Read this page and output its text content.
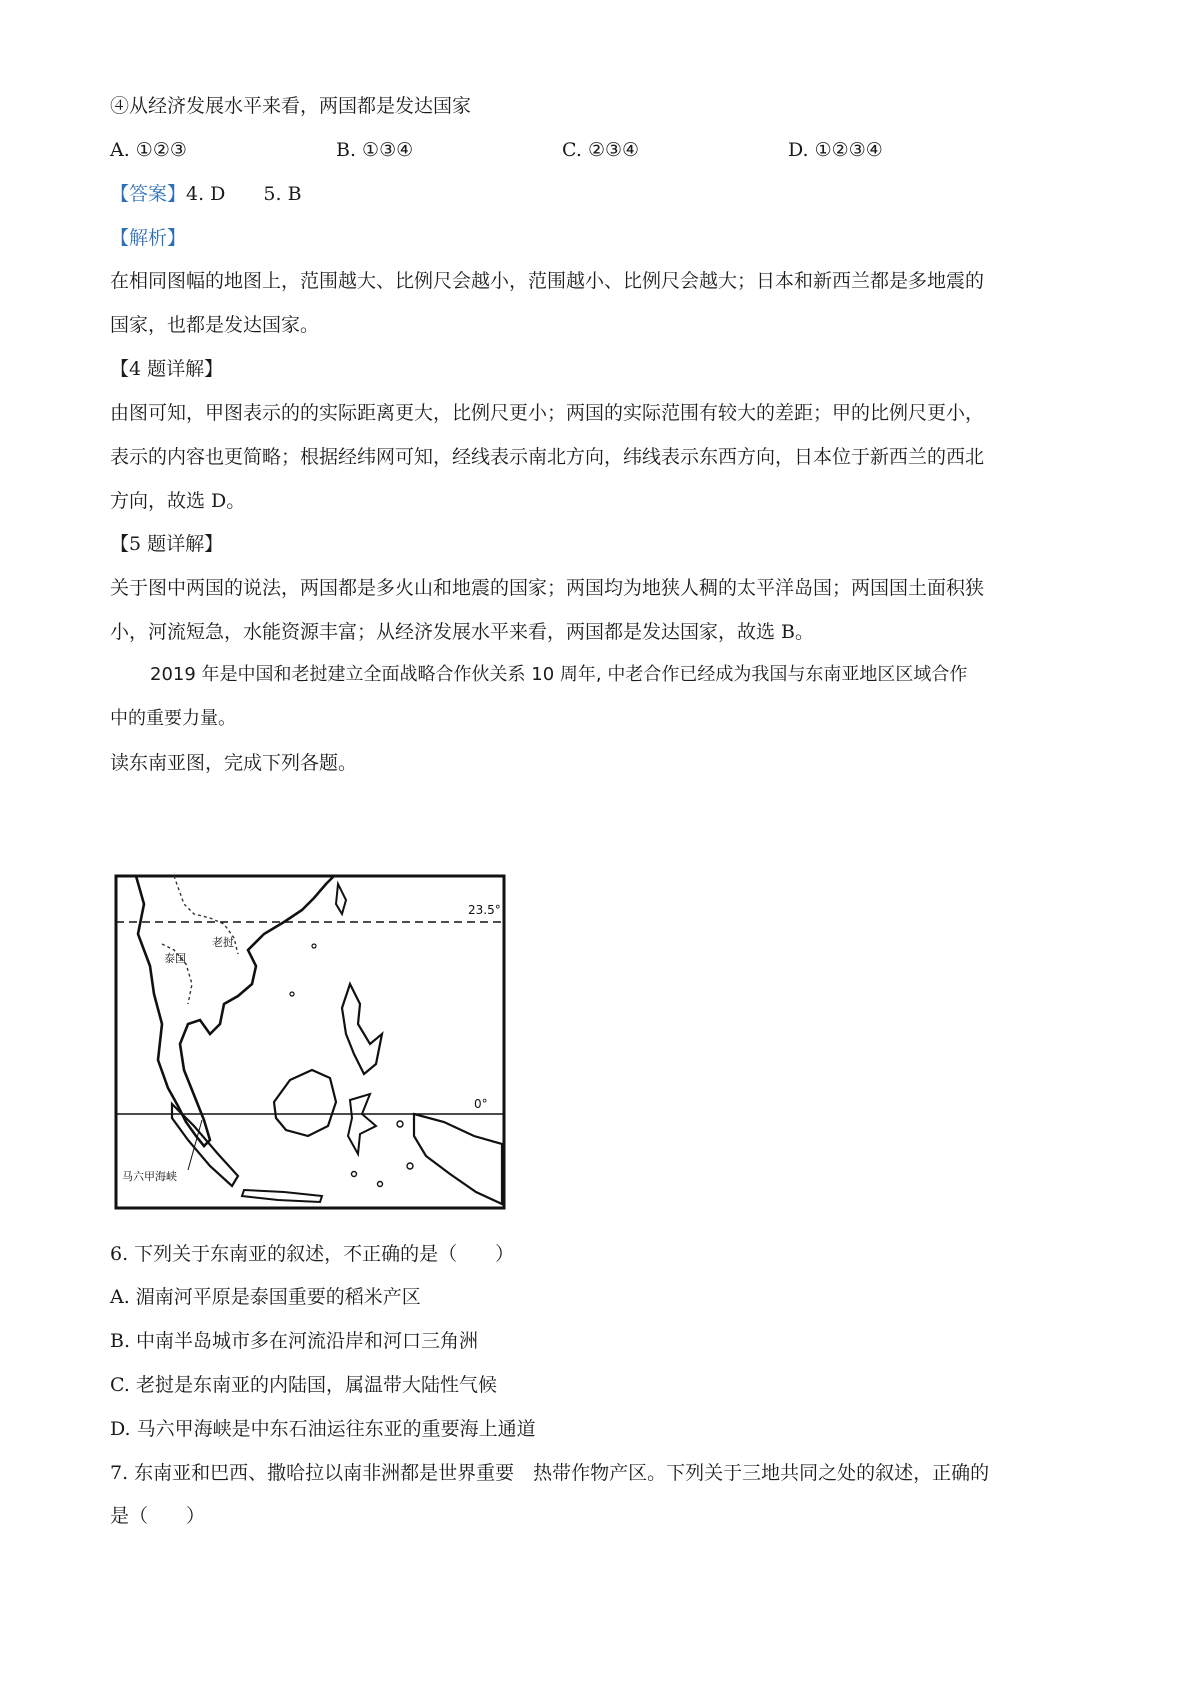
④从经济发展水平来看，两国都是发达国家
A. ①②③	B. ①③④	C. ②③④	D. ①②③④
【答案】4. D　　5. B
【解析】
在相同图幅的地图上，范围越大、比例尺会越小，范围越小、比例尺会越大；日本和新西兰都是多地震的
国家，也都是发达国家。
【4 题详解】
由图可知，甲图表示的的实际距离更大，比例尺更小；两国的实际范围有较大的差距；甲的比例尺更小，
表示的内容也更简略；根据经纬网可知，经线表示南北方向，纬线表示东西方向，日本位于新西兰的西北
方向，故选 D。
【5 题详解】
关于图中两国的说法，两国都是多火山和地震的国家；两国均为地狭人稠的太平洋岛国；两国国土面积狭
小，河流短急，水能资源丰富；从经济发展水平来看，两国都是发达国家，故选 B。
2019 年是中国和老挝建立全面战略合作伙关系 10 周年, 中老合作已经成为我国与东南亚地区区域合作
中的重要力量。
读东南亚图，完成下列各题。
23.5°
0°
老挝
泰国
马六甲海峡
6. 下列关于东南亚的叙述，不正确的是（　　）
A. 湄南河平原是泰国重要的稻米产区
B. 中南半岛城市多在河流沿岸和河口三角洲
C. 老挝是东南亚的内陆国，属温带大陆性气候
D. 马六甲海峡是中东石油运往东亚的重要海上通道
7. 东南亚和巴西、撒哈拉以南非洲都是世界重要　热带作物产区。下列关于三地共同之处的叙述，正确的
是（　　）
